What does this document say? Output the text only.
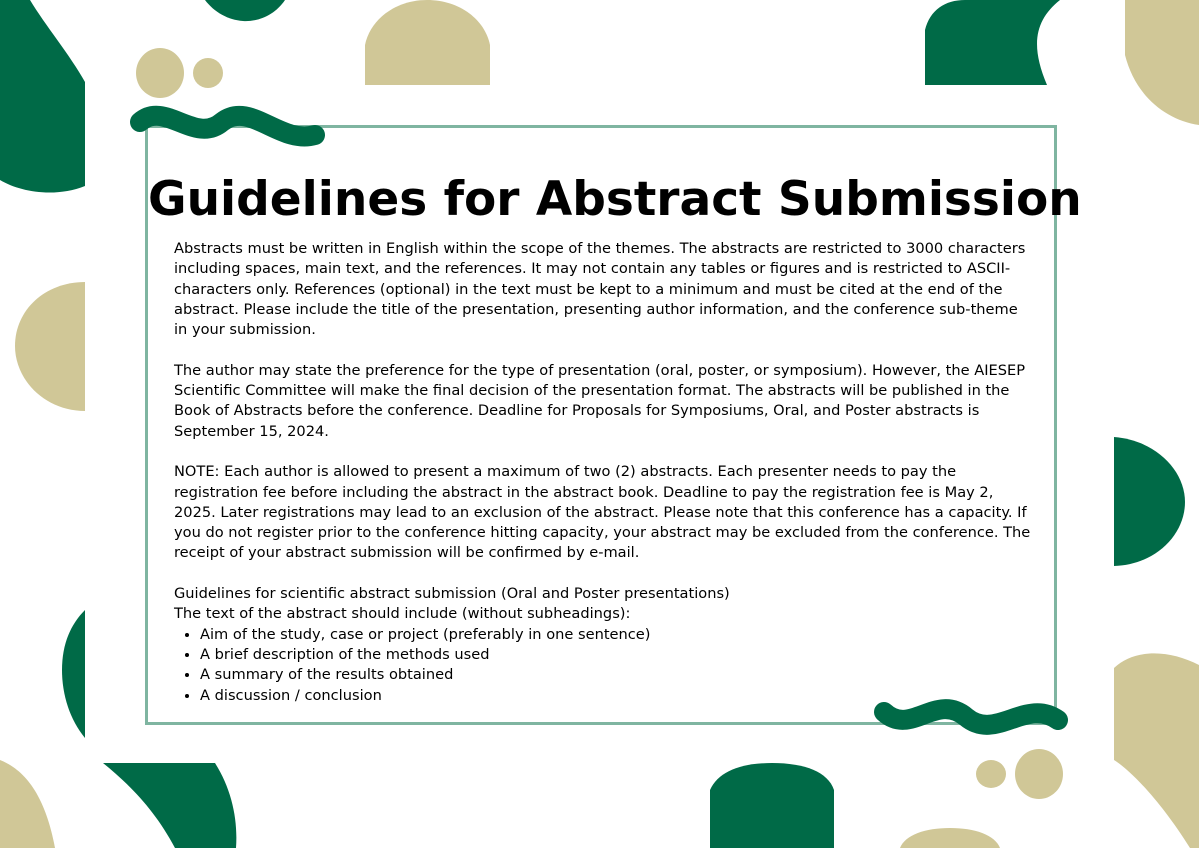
Guidelines for Abstract Submission

Abstracts must be written in English within the scope of the themes. The abstracts are restricted to 3000 characters including spaces, main text, and the references. It may not contain any tables or figures and is restricted to ASCII-characters only. References (optional) in the text must be kept to a minimum and must be cited at the end of the abstract. Please include the title of the presentation, presenting author information, and the conference sub-theme in your submission.

The author may state the preference for the type of presentation (oral, poster, or symposium). However, the AIESEP Scientific Committee will make the final decision of the presentation format. The abstracts will be published in the Book of Abstracts before the conference. Deadline for Proposals for Symposiums, Oral, and Poster abstracts is September 15, 2024.

NOTE: Each author is allowed to present a maximum of two (2) abstracts. Each presenter needs to pay the registration fee before including the abstract in the abstract book. Deadline to pay the registration fee is May 2, 2025. Later registrations may lead to an exclusion of the abstract. Please note that this conference has a capacity. If you do not register prior to the conference hitting capacity, your abstract may be excluded from the conference. The receipt of your abstract submission will be confirmed by e-mail.

Guidelines for scientific abstract submission (Oral and Poster presentations)

The text of the abstract should include (without subheadings):

• Aim of the study, case or project (preferably in one sentence)
• A brief description of the methods used
• A summary of the results obtained
• A discussion / conclusion
